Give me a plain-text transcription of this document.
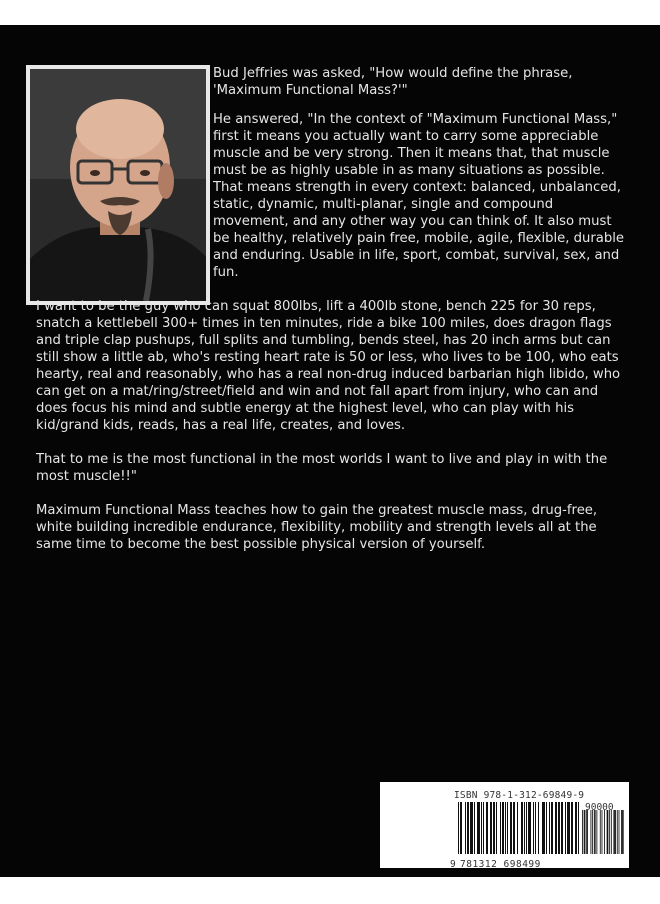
Bud Jeffries was asked, "How would define the phrase, 'Maximum Functional Mass?'"

He answered, "In the context of "Maximum Functional Mass," first it means you actually want to carry some appreciable muscle and be very strong. Then it means that, that muscle must be as highly usable in as many situations as possible. That means strength in every context: balanced, unbalanced, static, dynamic, multi-planar, single and compound movement, and any other way you can think of. It also must be healthy, relatively pain free, mobile, agile, flexible, durable and enduring. Usable in life, sport, combat, survival, sex, and fun.

I want to be the guy who can squat 800lbs, lift a 400lb stone, bench 225 for 30 reps, snatch a kettlebell 300+ times in ten minutes, ride a bike 100 miles, does dragon flags and triple clap pushups, full splits and tumbling, bends steel, has 20 inch arms but can still show a little ab, who's resting heart rate is 50 or less, who lives to be 100, who eats hearty, real and reasonably, who has a real non-drug induced barbarian high libido, who can get on a mat/ring/street/field and win and not fall apart from injury, who can and does focus his mind and subtle energy at the highest level, who can play with his kid/grand kids, reads, has a real life, creates, and loves.

That to me is the most functional in the most worlds I want to live and play in with the most muscle!!"

Maximum Functional Mass teaches how to gain the greatest muscle mass, drug-free, white building incredible endurance, flexibility, mobility and strength levels all at the same time to become the best possible physical version of yourself.

ISBN 978-1-312-69849-9
90000
9 781312 698499
